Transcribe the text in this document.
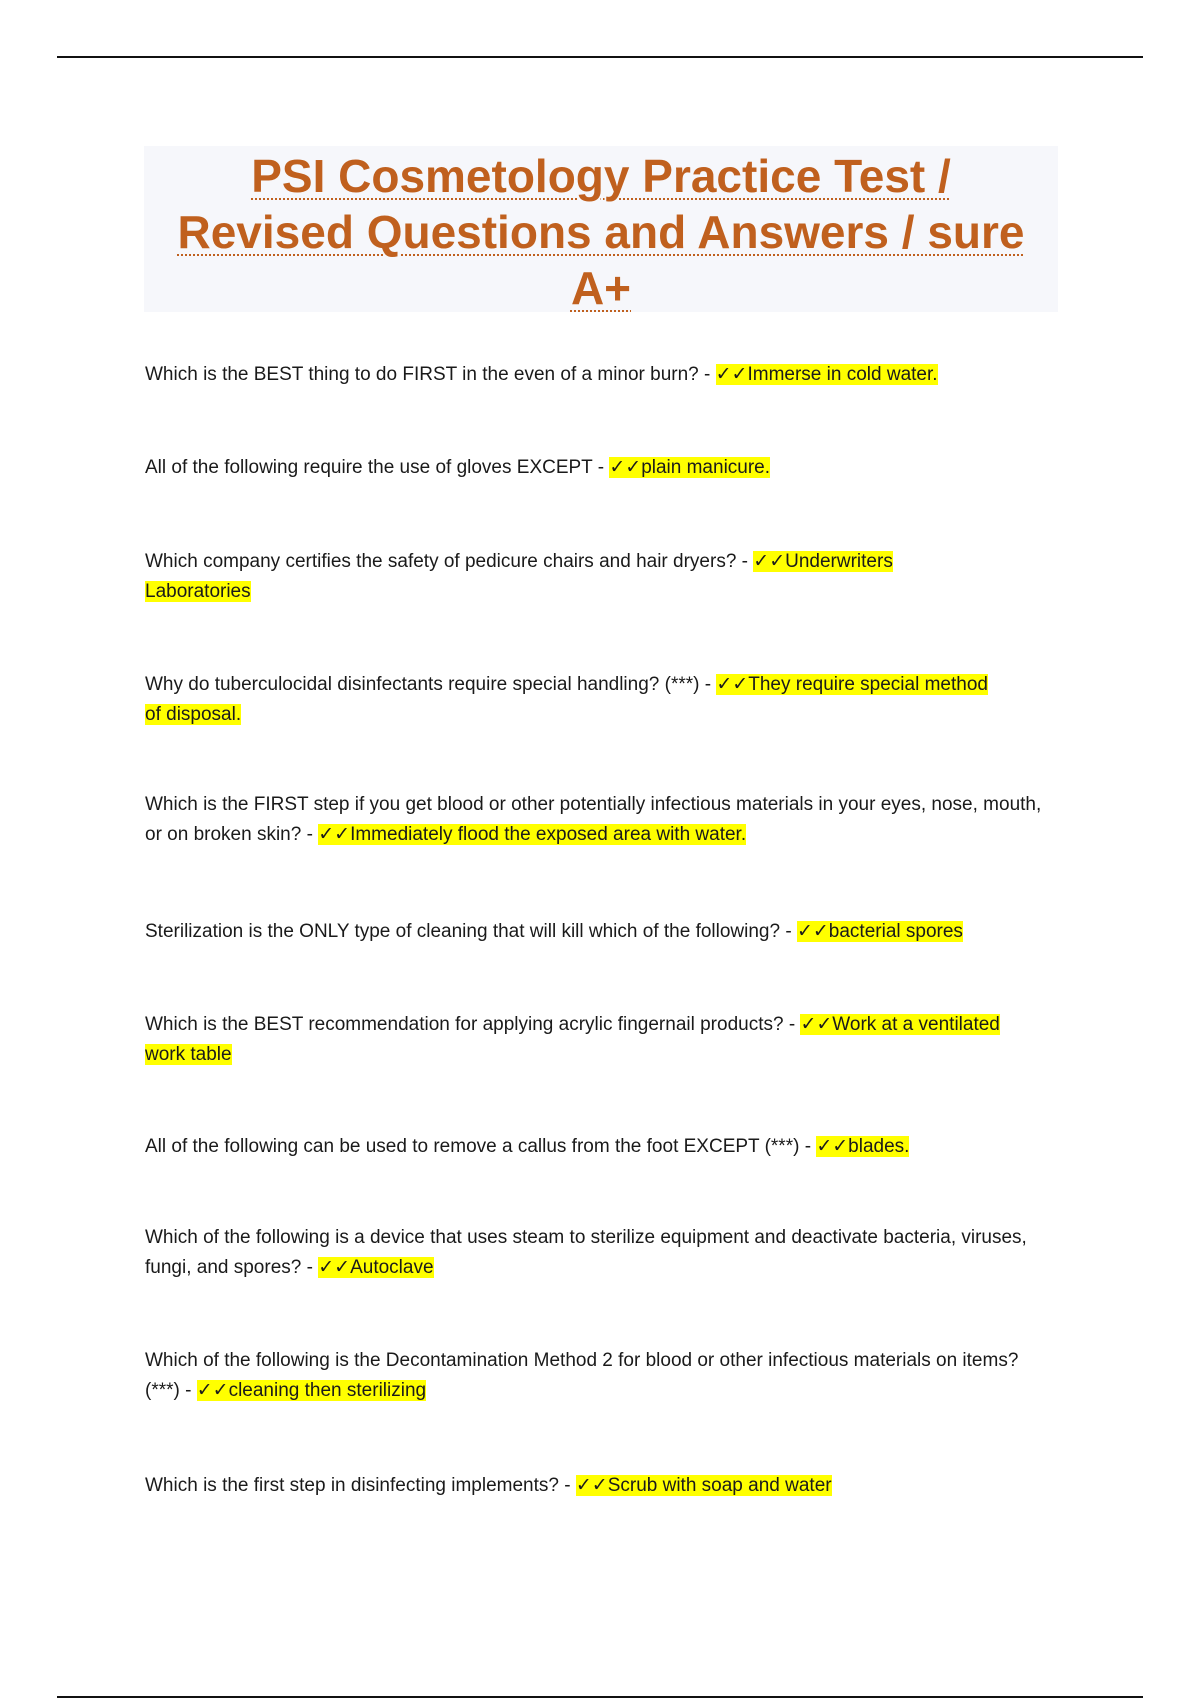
PSI Cosmetology Practice Test /
Revised Questions and Answers / sure
A+
Which is the BEST thing to do FIRST in the even of a minor burn? - ✓✓Immerse in cold water.
All of the following require the use of gloves EXCEPT - ✓✓plain manicure.
Which company certifies the safety of pedicure chairs and hair dryers? - ✓✓Underwriters Laboratories
Why do tuberculocidal disinfectants require special handling? (***) - ✓✓They require special method of disposal.
Which is the FIRST step if you get blood or other potentially infectious materials in your eyes, nose, mouth, or on broken skin? - ✓✓Immediately flood the exposed area with water.
Sterilization is the ONLY type of cleaning that will kill which of the following? - ✓✓bacterial spores
Which is the BEST recommendation for applying acrylic fingernail products? - ✓✓Work at a ventilated work table
All of the following can be used to remove a callus from the foot EXCEPT (***) - ✓✓blades.
Which of the following is a device that uses steam to sterilize equipment and deactivate bacteria, viruses, fungi, and spores? - ✓✓Autoclave
Which of the following is the Decontamination Method 2 for blood or other infectious materials on items? (***) - ✓✓cleaning then sterilizing
Which is the first step in disinfecting implements? - ✓✓Scrub with soap and water
